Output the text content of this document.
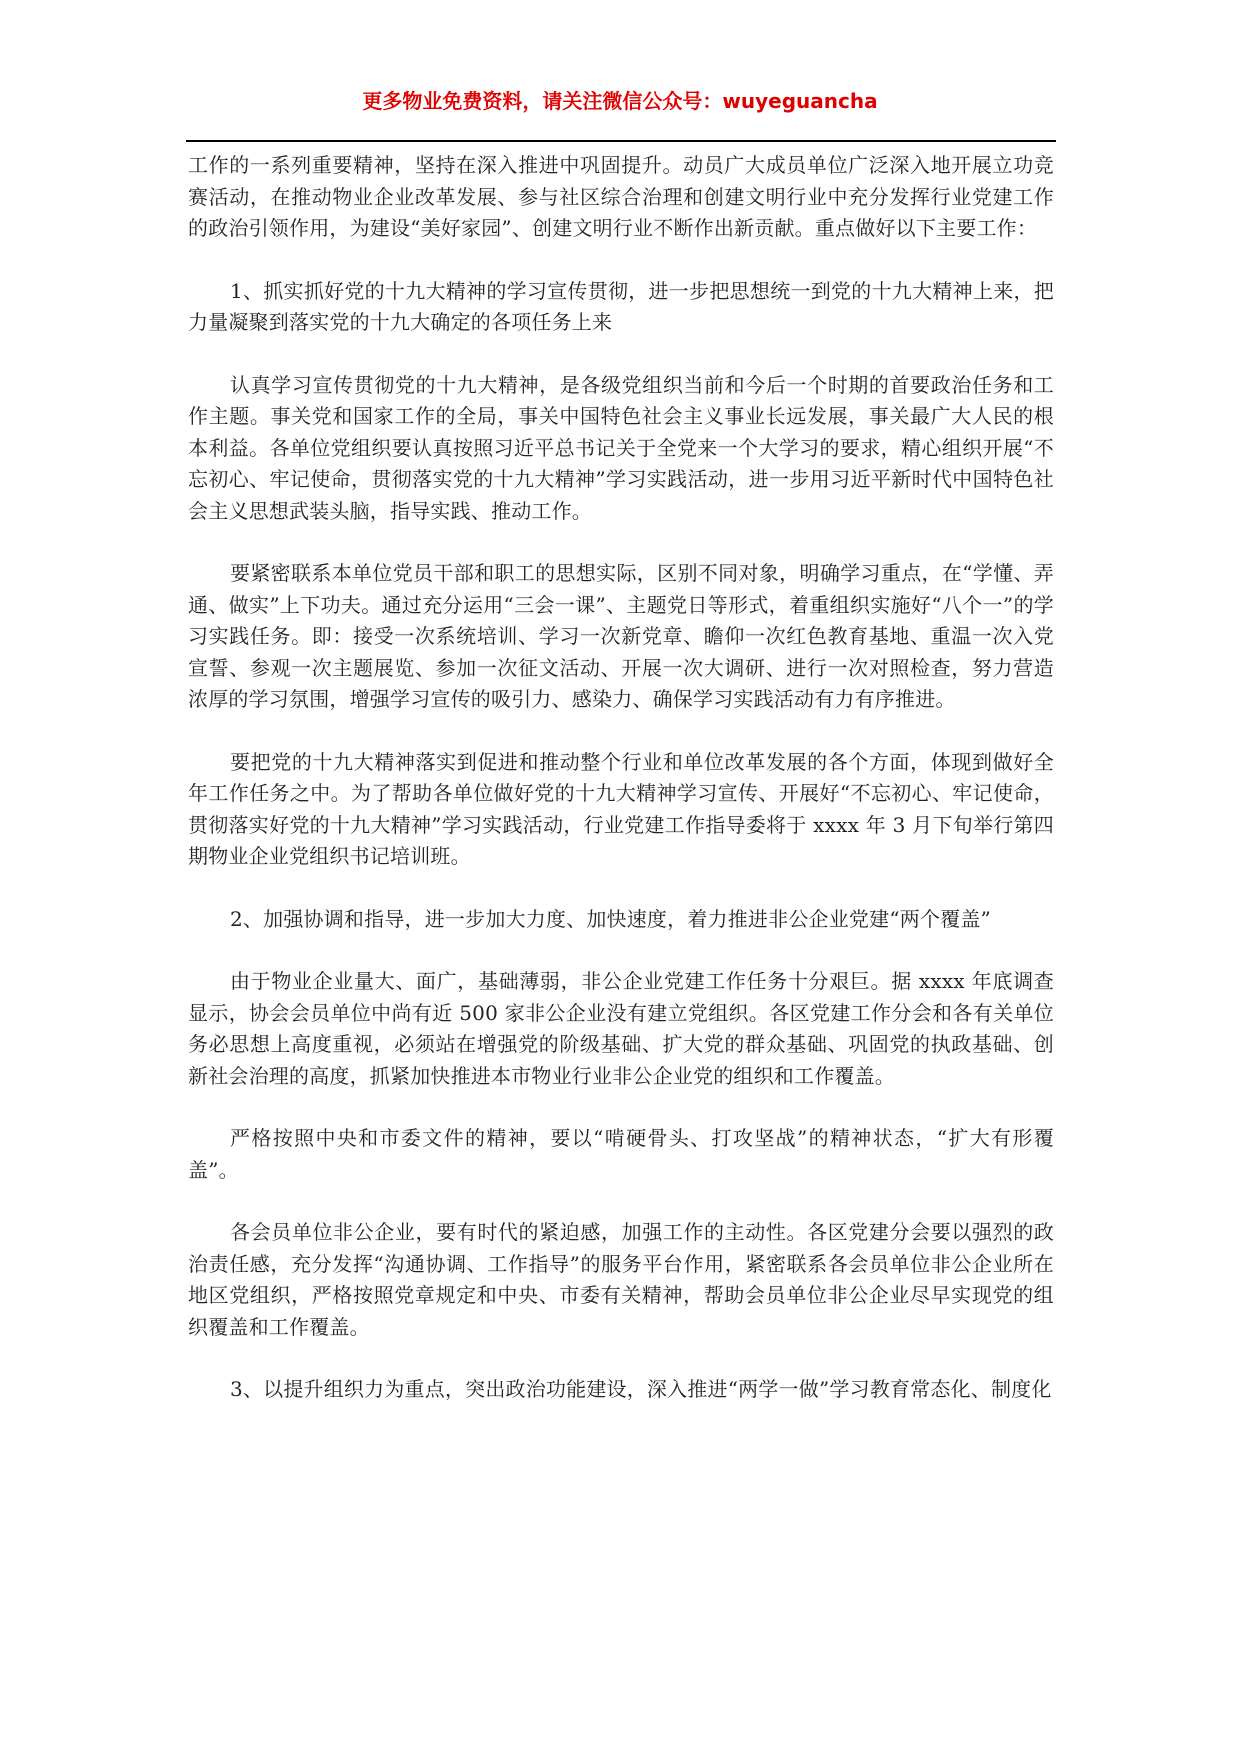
更多物业免费资料，请关注微信公众号：wuyeguancha

工作的一系列重要精神，坚持在深入推进中巩固提升。动员广大成员单位广泛深入地开展立功竞赛活动，在推动物业企业改革发展、参与社区综合治理和创建文明行业中充分发挥行业党建工作的政治引领作用，为建设“美好家园”、创建文明行业不断作出新贡献。重点做好以下主要工作：

1、抓实抓好党的十九大精神的学习宣传贯彻，进一步把思想统一到党的十九大精神上来，把力量凝聚到落实党的十九大确定的各项任务上来

认真学习宣传贯彻党的十九大精神，是各级党组织当前和今后一个时期的首要政治任务和工作主题。事关党和国家工作的全局，事关中国特色社会主义事业长远发展，事关最广大人民的根本利益。各单位党组织要认真按照习近平总书记关于全党来一个大学习的要求，精心组织开展“不忘初心、牢记使命，贯彻落实党的十九大精神”学习实践活动，进一步用习近平新时代中国特色社会主义思想武装头脑，指导实践、推动工作。

要紧密联系本单位党员干部和职工的思想实际，区别不同对象，明确学习重点，在“学懂、弄通、做实”上下功夫。通过充分运用“三会一课”、主题党日等形式，着重组织实施好“八个一”的学习实践任务。即：接受一次系统培训、学习一次新党章、瞻仰一次红色教育基地、重温一次入党宣誓、参观一次主题展览、参加一次征文活动、开展一次大调研、进行一次对照检查，努力营造浓厚的学习氛围，增强学习宣传的吸引力、感染力、确保学习实践活动有力有序推进。

要把党的十九大精神落实到促进和推动整个行业和单位改革发展的各个方面，体现到做好全年工作任务之中。为了帮助各单位做好党的十九大精神学习宣传、开展好“不忘初心、牢记使命，贯彻落实好党的十九大精神”学习实践活动，行业党建工作指导委将于 xxxx 年 3 月下旬举行第四期物业企业党组织书记培训班。

2、加强协调和指导，进一步加大力度、加快速度，着力推进非公企业党建“两个覆盖”

由于物业企业量大、面广，基础薄弱，非公企业党建工作任务十分艰巨。据 xxxx 年底调查显示，协会会员单位中尚有近 500 家非公企业没有建立党组织。各区党建工作分会和各有关单位务必思想上高度重视，必须站在增强党的阶级基础、扩大党的群众基础、巩固党的执政基础、创新社会治理的高度，抓紧加快推进本市物业行业非公企业党的组织和工作覆盖。

严格按照中央和市委文件的精神，要以“啃硬骨头、打攻坚战”的精神状态，“扩大有形覆盖”。

各会员单位非公企业，要有时代的紧迫感，加强工作的主动性。各区党建分会要以强烈的政治责任感，充分发挥“沟通协调、工作指导”的服务平台作用，紧密联系各会员单位非公企业所在地区党组织，严格按照党章规定和中央、市委有关精神，帮助会员单位非公企业尽早实现党的组织覆盖和工作覆盖。

3、以提升组织力为重点，突出政治功能建设，深入推进“两学一做”学习教育常态化、制度化
